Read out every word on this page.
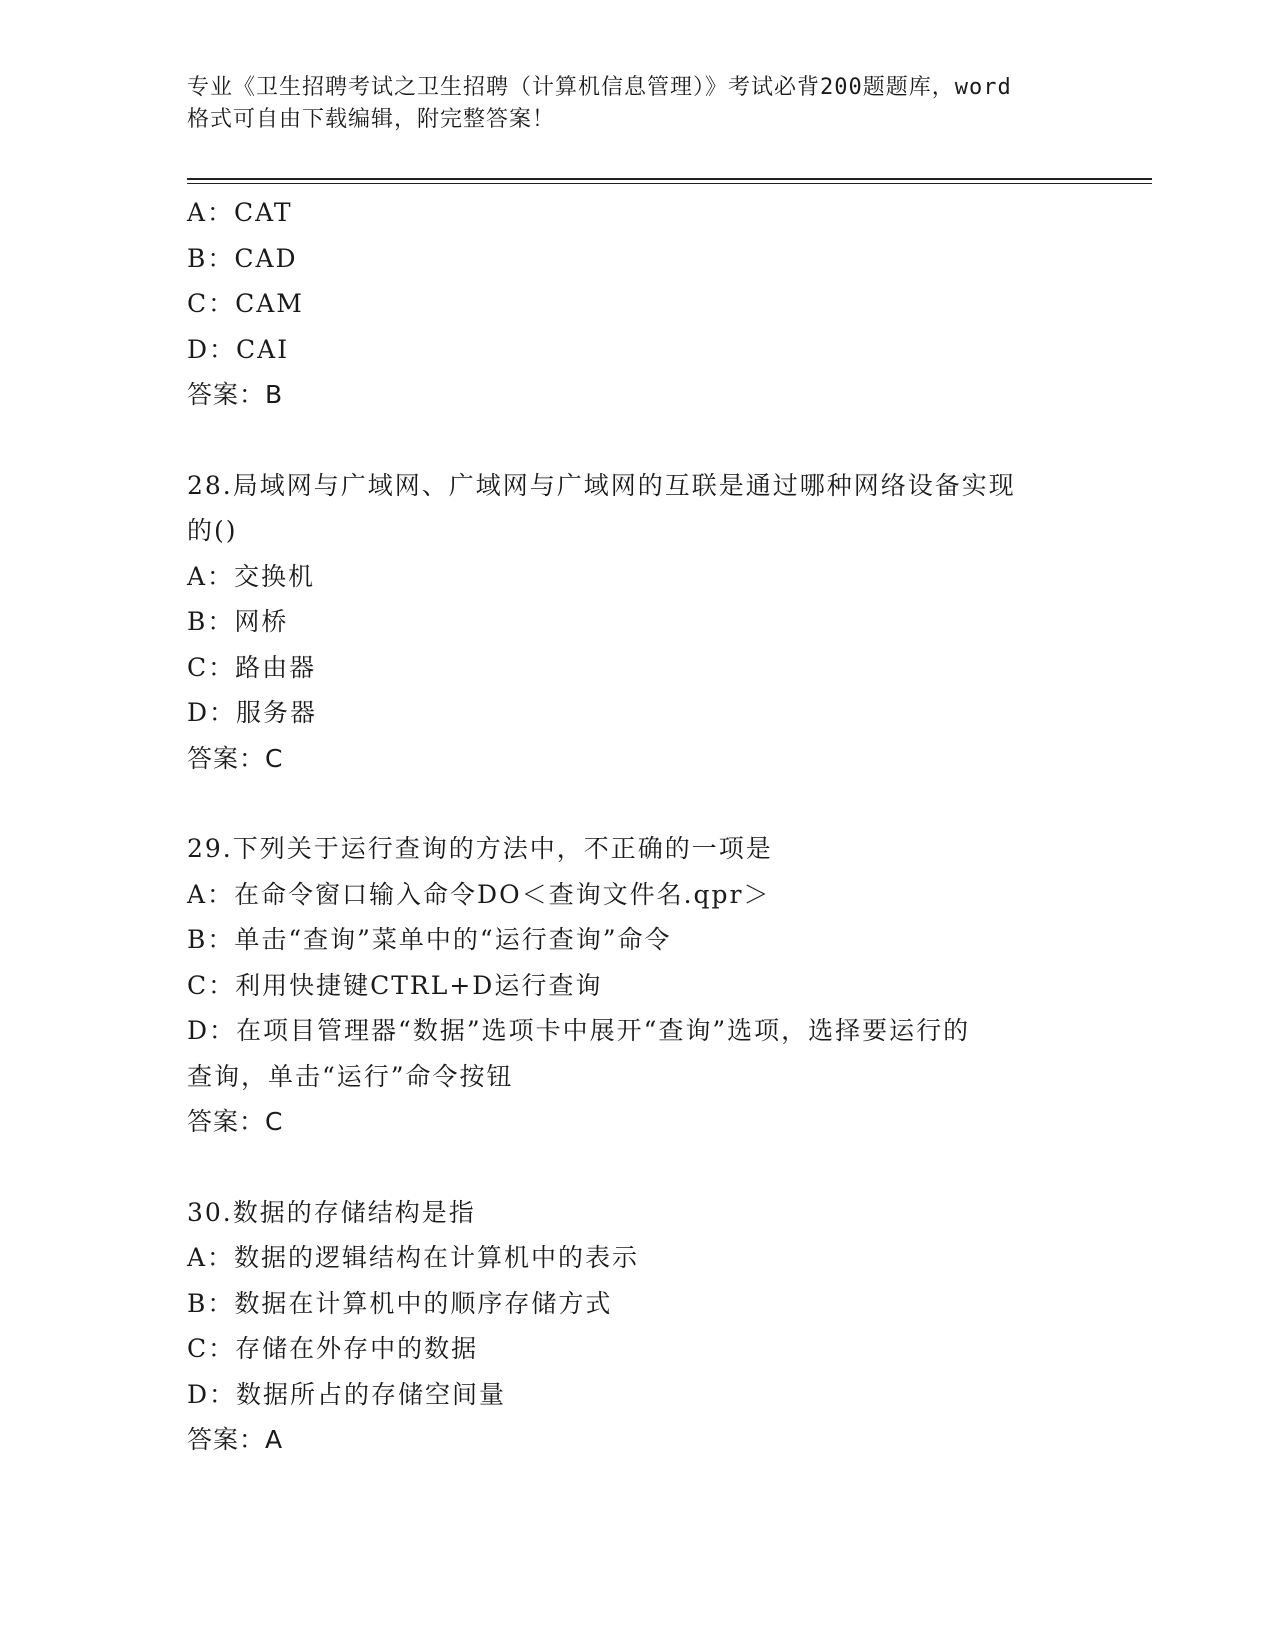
专业《卫生招聘考试之卫生招聘（计算机信息管理）》考试必背200题题库，word
格式可自由下载编辑，附完整答案！
A：CAT
B：CAD
C：CAM
D：CAI
答案：B
28.局域网与广域网、广域网与广域网的互联是通过哪种网络设备实现
的()
A：交换机
B：网桥
C：路由器
D：服务器
答案：C
29.下列关于运行查询的方法中，不正确的一项是
A：在命令窗口输入命令DO＜查询文件名.qpr＞
B：单击“查询”菜单中的“运行查询”命令
C：利用快捷键CTRL+D运行查询
D：在项目管理器“数据”选项卡中展开“查询”选项，选择要运行的
查询，单击“运行”命令按钮
答案：C
30.数据的存储结构是指
A：数据的逻辑结构在计算机中的表示
B：数据在计算机中的顺序存储方式
C：存储在外存中的数据
D：数据所占的存储空间量
答案：A
